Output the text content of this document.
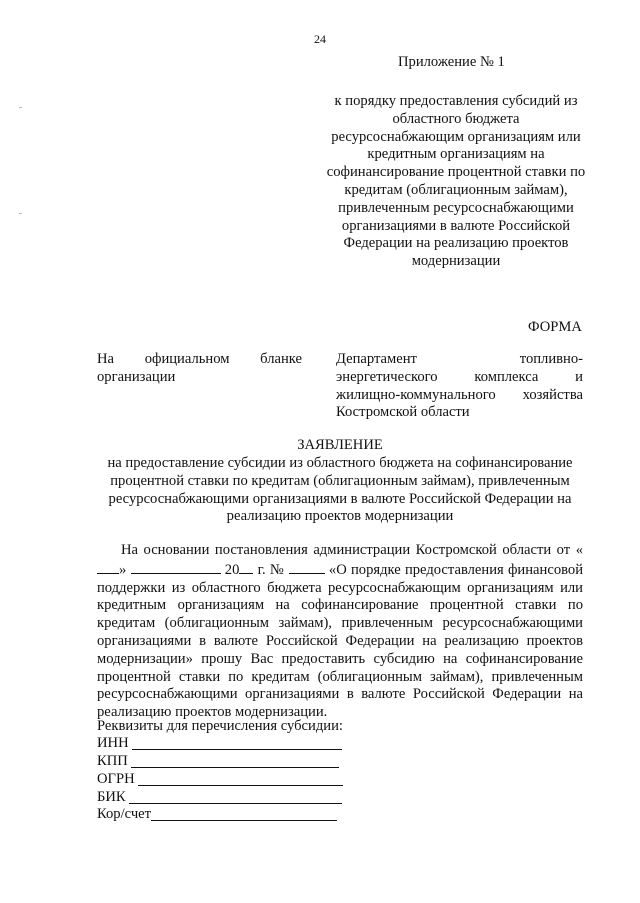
24
Приложение № 1
к порядку предоставления субсидий из областного бюджета ресурсоснабжающим организациям или кредитным организациям на софинансирование процентной ставки по кредитам (облигационным займам), привлеченным ресурсоснабжающими организациями в валюте Российской Федерации на реализацию проектов модернизации
ФОРМА
На официальном бланке организации
Департамент топливно-энергетического комплекса и жилищно-коммунального хозяйства Костромской области
ЗАЯВЛЕНИЕ
на предоставление субсидии из областного бюджета на софинансирование процентной ставки по кредитам (облигационным займам), привлеченным ресурсоснабжающими организациями в валюте Российской Федерации на реализацию проектов модернизации
На основании постановления администрации Костромской области от «»	20 г. №	«О порядке предоставления финансовой поддержки из областного бюджета ресурсоснабжающим организациям или кредитным организациям на софинансирование процентной ставки по кредитам (облигационным займам), привлеченным ресурсоснабжающими организациями в валюте Российской Федерации на реализацию проектов модернизации» прошу Вас предоставить субсидию на софинансирование процентной ставки по кредитам (облигационным займам), привлеченным ресурсоснабжающими организациями в валюте Российской Федерации на реализацию проектов модернизации.
Реквизиты для перечисления субсидии:
ИНН
КПП
ОГРН
БИК
Кор/счет
